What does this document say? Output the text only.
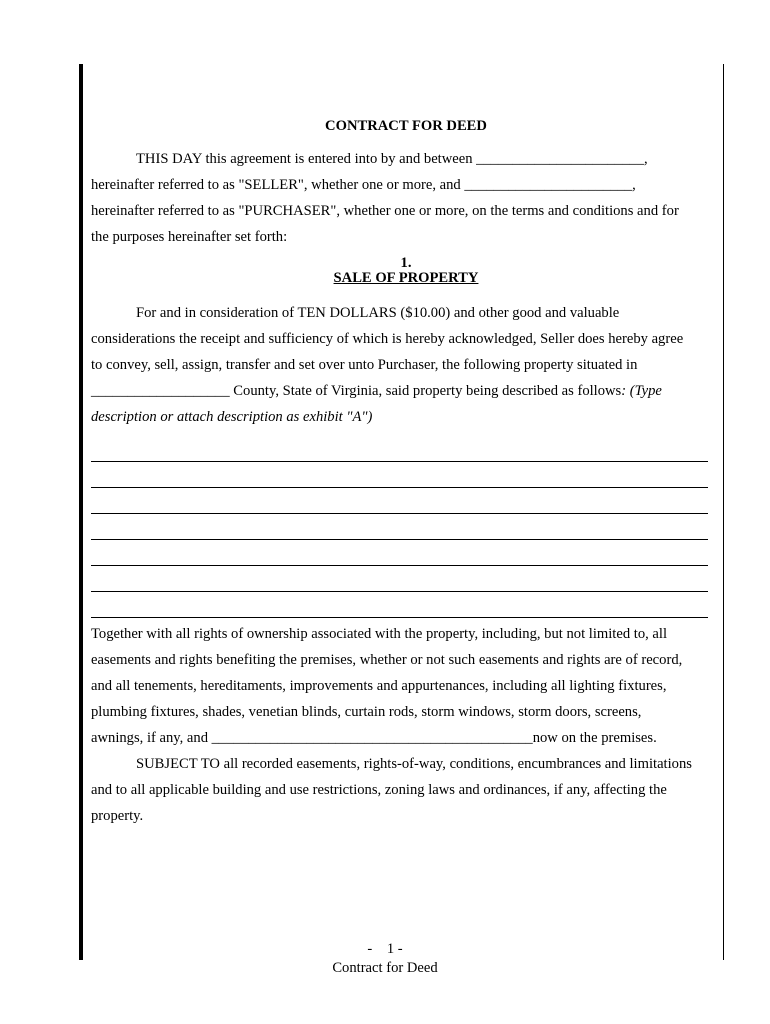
CONTRACT FOR DEED

THIS DAY this agreement is entered into by and between _______________________,

hereinafter referred to as "SELLER", whether one or more, and _______________________,

hereinafter referred to as "PURCHASER", whether one or more, on the terms and conditions and for

the purposes hereinafter set forth:

1.
SALE OF PROPERTY

For and in consideration of TEN DOLLARS ($10.00) and other good and valuable

considerations the receipt and sufficiency of which is hereby acknowledged, Seller does hereby agree

to convey, sell, assign, transfer and set over unto Purchaser, the following property situated in

___________________ County, State of Virginia, said property being described as follows: (Type

description or attach description as exhibit "A")

Together with all rights of ownership associated with the property, including, but not limited to, all

easements and rights benefiting the premises, whether or not such easements and rights are of record,

and all tenements, hereditaments, improvements and appurtenances, including all lighting fixtures,

plumbing fixtures, shades, venetian blinds, curtain rods, storm windows, storm doors, screens,

awnings, if any, and ____________________________________________now on the premises.

SUBJECT TO all recorded easements, rights-of-way, conditions, encumbrances and limitations

and to all applicable building and use restrictions, zoning laws and ordinances, if any, affecting the

property.

-    1 -
Contract for Deed
